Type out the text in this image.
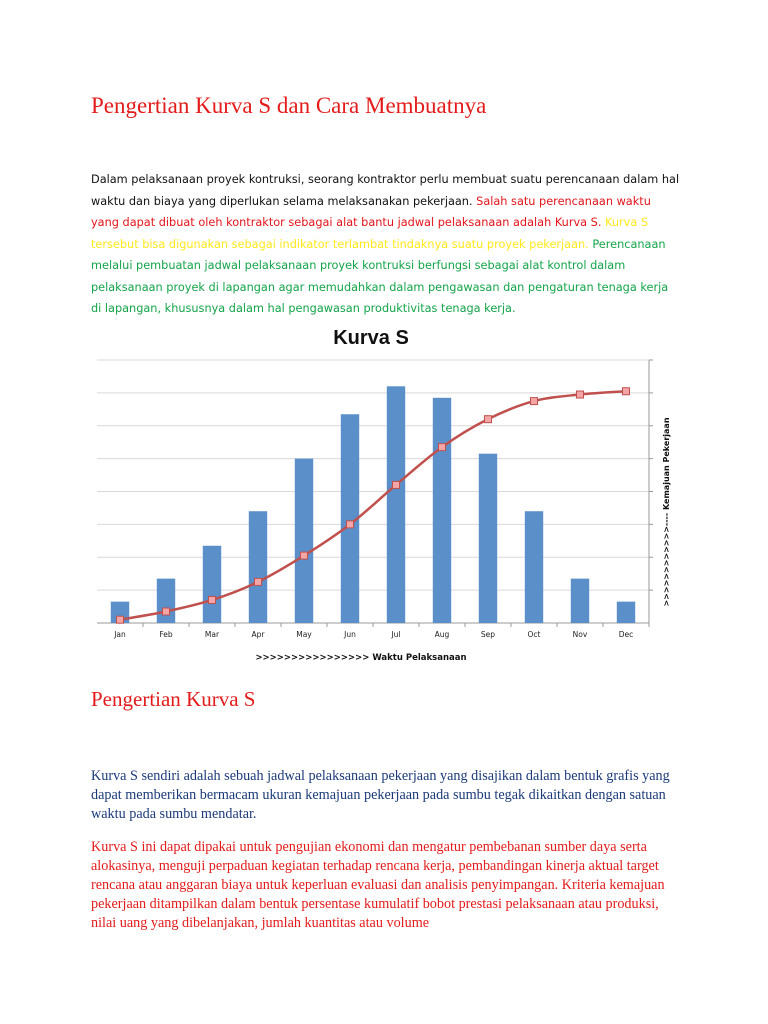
Pengertian Kurva S dan Cara Membuatnya

Dalam pelaksanaan proyek kontruksi, seorang kontraktor perlu membuat suatu perencanaan dalam hal waktu dan biaya yang diperlukan selama melaksanakan pekerjaan. Salah satu perencanaan waktu yang dapat dibuat oleh kontraktor sebagai alat bantu jadwal pelaksanaan adalah Kurva S. Kurva S tersebut bisa digunakan sebagai indikator terlambat tindaknya suatu proyek pekerjaan. Perencanaan melalui pembuatan jadwal pelaksanaan proyek kontruksi berfungsi sebagai alat kontrol dalam pelaksanaan proyek di lapangan agar memudahkan dalam pengawasan dan pengaturan tenaga kerja di lapangan, khususnya dalam hal pengawasan produktivitas tenaga kerja.

Kurva S
Jan	Feb	Mar	Apr	May	Jun	Jul	Aug	Sep	Oct	Nov	Dec
>>>>>>>>>>>>>>>> Waktu Pelaksanaan
>>>>>>>>>>>>---- Kemajuan Pekerjaan
Pengertian Kurva S

Kurva S sendiri adalah sebuah jadwal pelaksanaan pekerjaan yang disajikan dalam bentuk grafis yang dapat memberikan bermacam ukuran kemajuan pekerjaan pada sumbu tegak dikaitkan dengan satuan waktu pada sumbu mendatar.

Kurva S ini dapat dipakai untuk pengujian ekonomi dan mengatur pembebanan sumber daya serta alokasinya, menguji perpaduan kegiatan terhadap rencana kerja, pembandingan kinerja aktual target rencana atau anggaran biaya untuk keperluan evaluasi dan analisis penyimpangan. Kriteria kemajuan pekerjaan ditampilkan dalam bentuk persentase kumulatif bobot prestasi pelaksanaan atau produksi, nilai uang yang dibelanjakan, jumlah kuantitas atau volume
